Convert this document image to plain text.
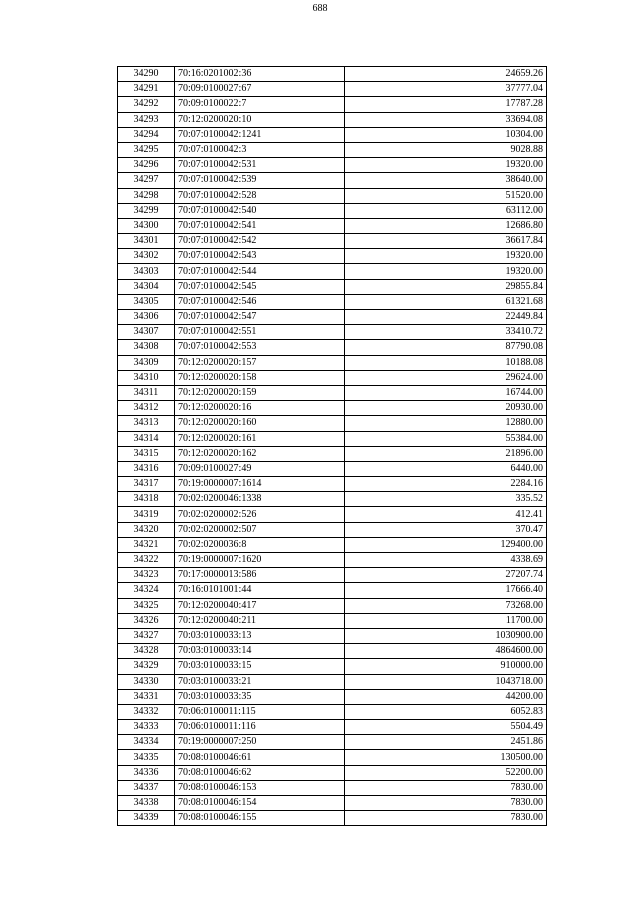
688
34290	70:16:0201002:36	24659.26
34291	70:09:0100027:67	37777.04
34292	70:09:0100022:7	17787.28
34293	70:12:0200020:10	33694.08
34294	70:07:0100042:1241	10304.00
34295	70:07:0100042:3	9028.88
34296	70:07:0100042:531	19320.00
34297	70:07:0100042:539	38640.00
34298	70:07:0100042:528	51520.00
34299	70:07:0100042:540	63112.00
34300	70:07:0100042:541	12686.80
34301	70:07:0100042:542	36617.84
34302	70:07:0100042:543	19320.00
34303	70:07:0100042:544	19320.00
34304	70:07:0100042:545	29855.84
34305	70:07:0100042:546	61321.68
34306	70:07:0100042:547	22449.84
34307	70:07:0100042:551	33410.72
34308	70:07:0100042:553	87790.08
34309	70:12:0200020:157	10188.08
34310	70:12:0200020:158	29624.00
34311	70:12:0200020:159	16744.00
34312	70:12:0200020:16	20930.00
34313	70:12:0200020:160	12880.00
34314	70:12:0200020:161	55384.00
34315	70:12:0200020:162	21896.00
34316	70:09:0100027:49	6440.00
34317	70:19:0000007:1614	2284.16
34318	70:02:0200046:1338	335.52
34319	70:02:0200002:526	412.41
34320	70:02:0200002:507	370.47
34321	70:02:0200036:8	129400.00
34322	70:19:0000007:1620	4338.69
34323	70:17:0000013:586	27207.74
34324	70:16:0101001:44	17666.40
34325	70:12:0200040:417	73268.00
34326	70:12:0200040:211	11700.00
34327	70:03:0100033:13	1030900.00
34328	70:03:0100033:14	4864600.00
34329	70:03:0100033:15	910000.00
34330	70:03:0100033:21	1043718.00
34331	70:03:0100033:35	44200.00
34332	70:06:0100011:115	6052.83
34333	70:06:0100011:116	5504.49
34334	70:19:0000007:250	2451.86
34335	70:08:0100046:61	130500.00
34336	70:08:0100046:62	52200.00
34337	70:08:0100046:153	7830.00
34338	70:08:0100046:154	7830.00
34339	70:08:0100046:155	7830.00
